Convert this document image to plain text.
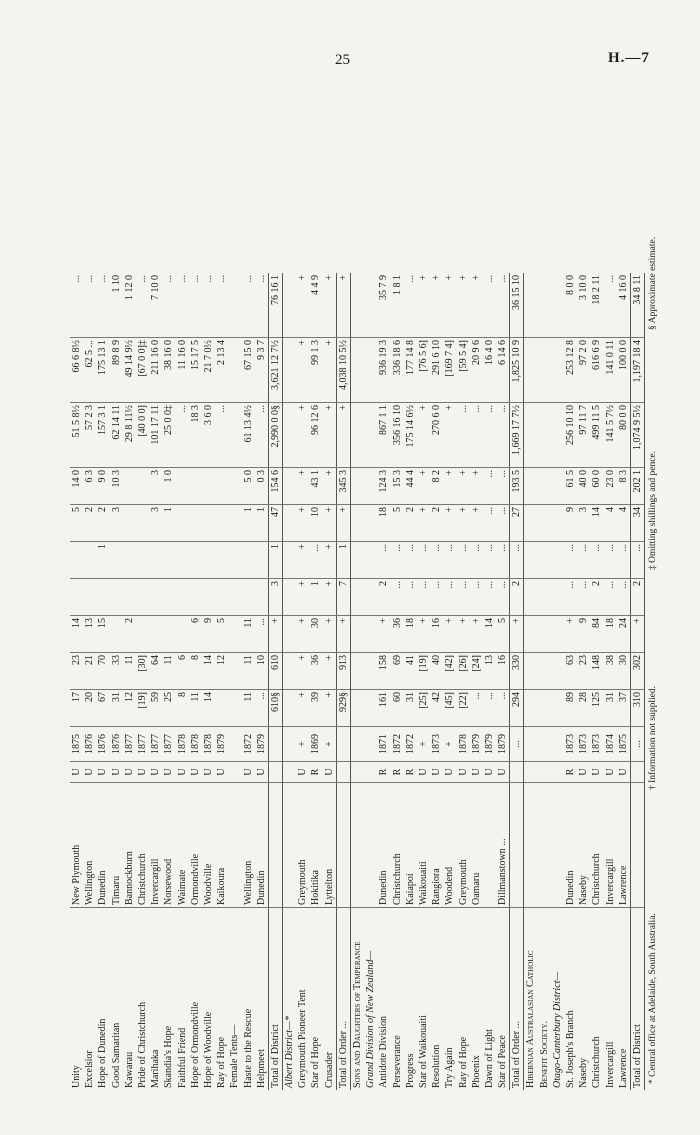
25	H.—7
Unity	New Plymouth	U	1875	17	23	14			5	14 0	51 5 8½	66 6 8½	...
Excelsior	Wellington	U	1876	20	21	13			2	6 3	57 2 3	62 5 ...	...
Hope of Dunedin	Dunedin	U	1876	67	70	15		1	2	9 0	157 3 1	175 13 1	...
Good Samaritan	Timaru	U	1876	31	33				3	10 3	62 14 11	89 8 9	1 10
Kawarau	Bannockburn	U	1877	12	11	2					29 8 11½	49 14 9½	1 12 0
Pride of Christchurch	Christchurch	U	1877	[19]	[30]						[40 0 0]	[67 0 0]‡	...
Marihaka	Invercargill	U	1877	59	64				3	3	101 17 11	211 16 0	7 10 0
Skandia's Hope	Norsewood	U	1877	25	11				1	1 0	25 0 0‡	38 16 0	...
Faithful Friend	Waimate	U	1878	8	6						...	11 16 0	...
Hope of Ormondville	Ormondville	U	1878	11	8	6					18 3	15 17 5	...
Hope of Woodville	Woodville	U	1878	14	14	9					3 6 0	21 7 0½	...
Ray of Hope	Kaikoura	U	1879		12	5					...	2 13 4	...
Female Tents—													
Haste to the Rescue	Wellington	U	1872	11	11	11			1	5 0	61 13 4½	67 15 0	...
Helpmeet	Dunedin	U	1879	...	10	...			1	0 3	...	9 3 7	...
Total of District				610§	610	+	3	1	47	154 6	2,990 0 0§	3,621 12 7½	76 16 1
Albert District—*													
Greymouth Pioneer Tent	Greymouth	U	+	+	+	+	+	+	+	+	+	+	+
Star of Hope	Hokitika	R	1869	39	36	30	1	...	10	43 1	96 12 6	99 1 3	4 4 9
Crusader	Lyttelton	U	+	+	+	+	+	+	+	+	+	+	+
Total of Order ...				929§	913	+	7	1	+	345 3	+	4,038 10 5½	+
Sons and Daughters of Temperance													
Grand Division of New Zealand—													
Antidote Division	Dunedin	R	1871	161	158	+	2	...	18	124 3	867 1 1	936 19 3	35 7 9
Perseverance	Christchurch	R	1872	60	69	36	...	...	5	15 3	356 16 10	336 18 6	1 8 1
Progress	Kaiapoi	R	1872	31	41	18	...	...	2	44 4	175 14 6½	177 14 8	...
Star of Waikouaiti	Waikouaiti	U	+	[25]	[19]	+	...	...	+	+	+	[76 5 6]	+
Resolution	Rangiora	U	1873	42	40	16	...	...	2	8 2	270 6 0	291 6 10	+
Try Again	Woodend	U	+	[45]	[42]	+	...	...	+	+	+	[169 7 4]	+
Ray of Hope	Greymouth	U	1878	[22]	[26]	+	...	...	+	+	...	[59 5 4]	+
Phoenix	Oamaru	U	1879	...	[24]	+	...	...	+	+	...	20 9 6	+
Dawn of Light		U	1879	...	13	14	...	...	...	...	...	16 4 0	...
Star of Peace	Dillmanstown ...	U	1879	...	16	5	...	...	...	...	...	6 14 6	...
Total of Order ...			...	294	330	+	2	...	27	193 5	1,669 17 7½	1,825 10 9	36 15 10
Hibernian Australasian Catholic													
Benefit Society.													
Otago-Canterbury District—													
St. Joseph's Branch	Dunedin	R	1873	89	63	+	...	...	9	61 5	256 10 10	253 12 8	8 0 0
Naseby	Naseby	U	1873	28	23	9	...	...	3	40 0	97 11 7	97 2 0	3 10 0
Christchurch	Christchurch	U	1873	125	148	84	2	...	14	60 0	499 11 5	616 6 9	18 2 11
Invercargill	Invercargill	U	1874	31	38	18	...	...	4	23 0	141 5 7½	141 0 11	...
Lawrence	Lawrence	U	1875	37	30	24	...	...	4	8 3	80 0 0	100 0 0	4 16 0
Total of District			...	310	302	+	2	...	34	202 1	1,074 9 5½	1,197 18 4	34 8 11
* Central office at Adelaide, South Australia.
† Information not supplied.
‡ Omitting shillings and pence.
§ Approximate estimate.
